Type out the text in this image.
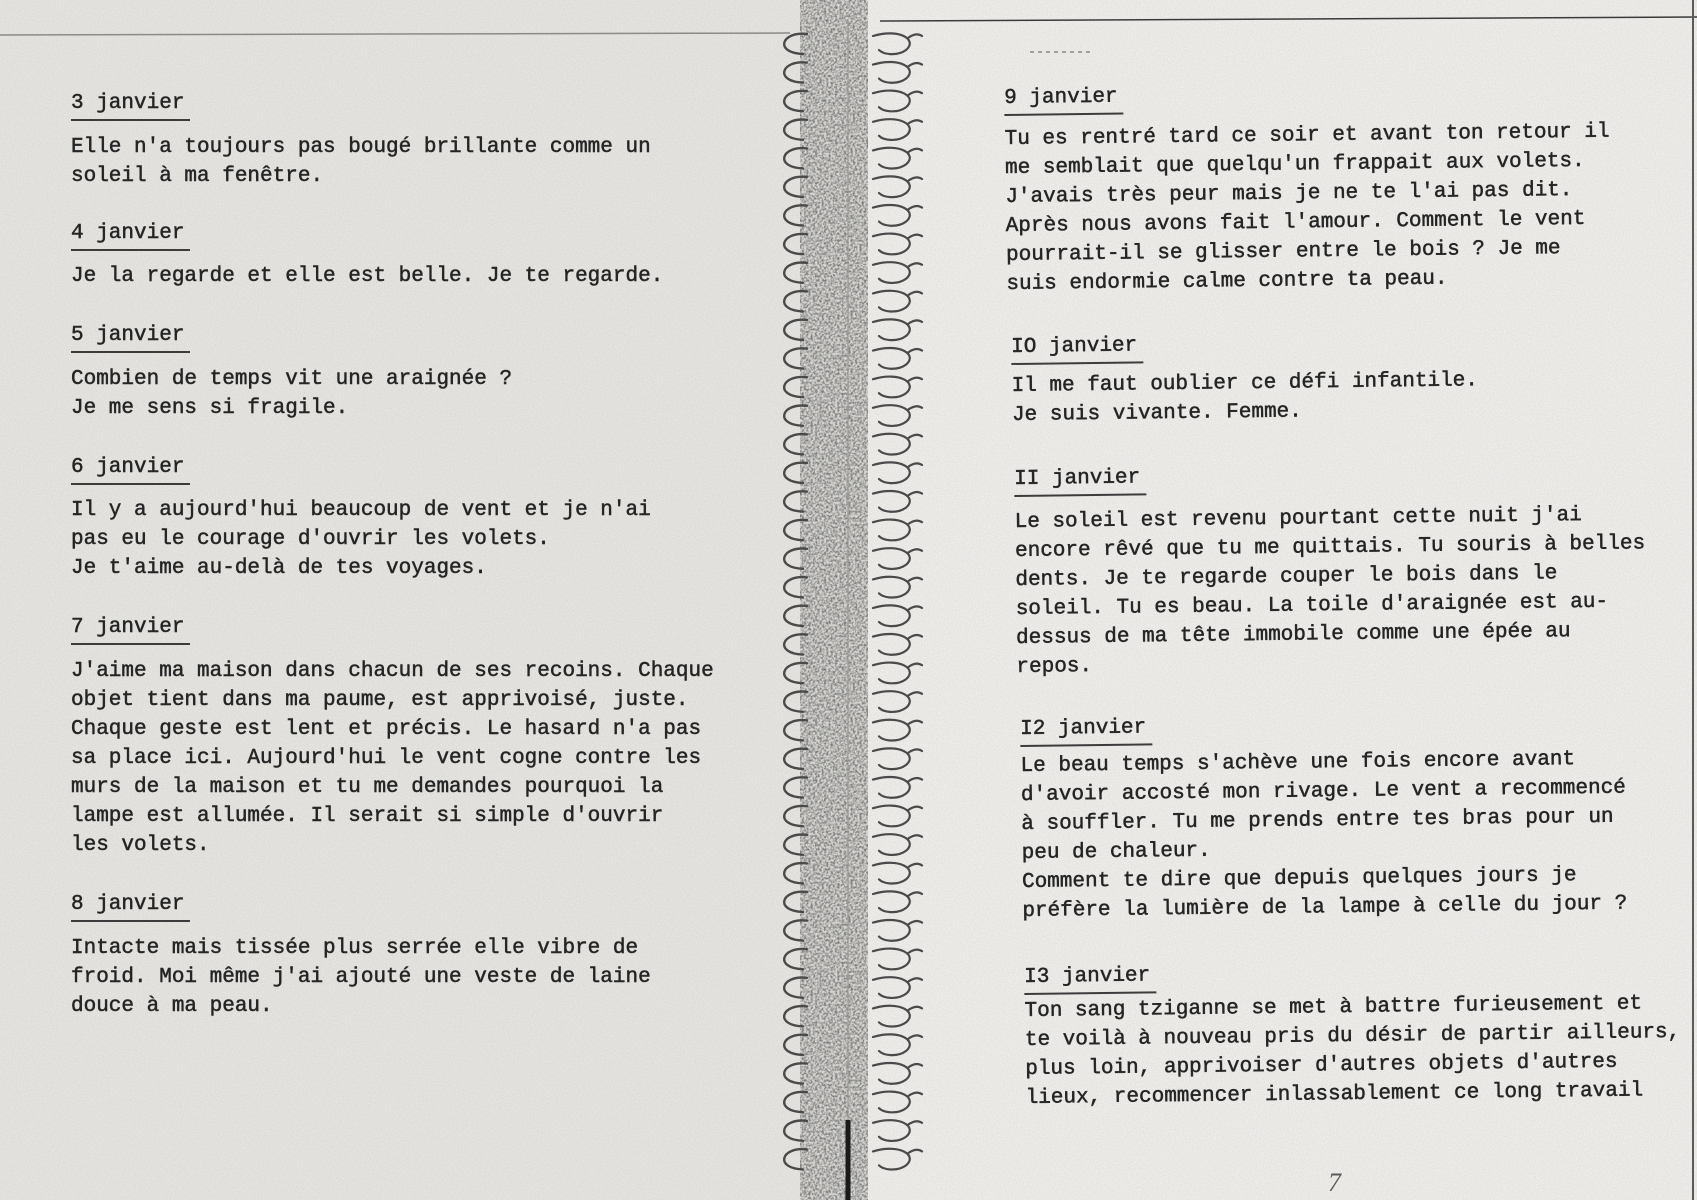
3 janvier
Elle n'a toujours pas bougé brillante comme un
soleil à ma fenêtre.
4 janvier
Je la regarde et elle est belle. Je te regarde.
5 janvier
Combien de temps vit une araignée ?
Je me sens si fragile.
6 janvier
Il y a aujourd'hui beaucoup de vent et je n'ai
pas eu le courage d'ouvrir les volets.
Je t'aime au-delà de tes voyages.
7 janvier
J'aime ma maison dans chacun de ses recoins. Chaque
objet tient dans ma paume, est apprivoisé, juste.
Chaque geste est lent et précis. Le hasard n'a pas
sa place ici. Aujourd'hui le vent cogne contre les
murs de la maison et tu me demandes pourquoi la
lampe est allumée. Il serait si simple d'ouvrir
les volets.
8 janvier
Intacte mais tissée plus serrée elle vibre de
froid. Moi même j'ai ajouté une veste de laine
douce à ma peau.
9 janvier
Tu es rentré tard ce soir et avant ton retour il
me semblait que quelqu'un frappait aux volets.
J'avais très peur mais je ne te l'ai pas dit.
Après nous avons fait l'amour. Comment le vent
pourrait-il se glisser entre le bois ? Je me
suis endormie calme contre ta peau.
IO janvier
Il me faut oublier ce défi infantile.
Je suis vivante. Femme.
II janvier
Le soleil est revenu pourtant cette nuit j'ai
encore rêvé que tu me quittais. Tu souris à belles
dents. Je te regarde couper le bois dans le
soleil. Tu es beau. La toile d'araignée est au-
dessus de ma tête immobile comme une épée au
repos.
I2 janvier
Le beau temps s'achève une fois encore avant
d'avoir accosté mon rivage. Le vent a recommencé
à souffler. Tu me prends entre tes bras pour un
peu de chaleur.
Comment te dire que depuis quelques jours je
préfère la lumière de la lampe à celle du jour ?
I3 janvier
Ton sang tziganne se met à battre furieusement et
te voilà à nouveau pris du désir de partir ailleurs,
plus loin, apprivoiser d'autres objets d'autres
lieux, recommencer inlassablement ce long travail
7
